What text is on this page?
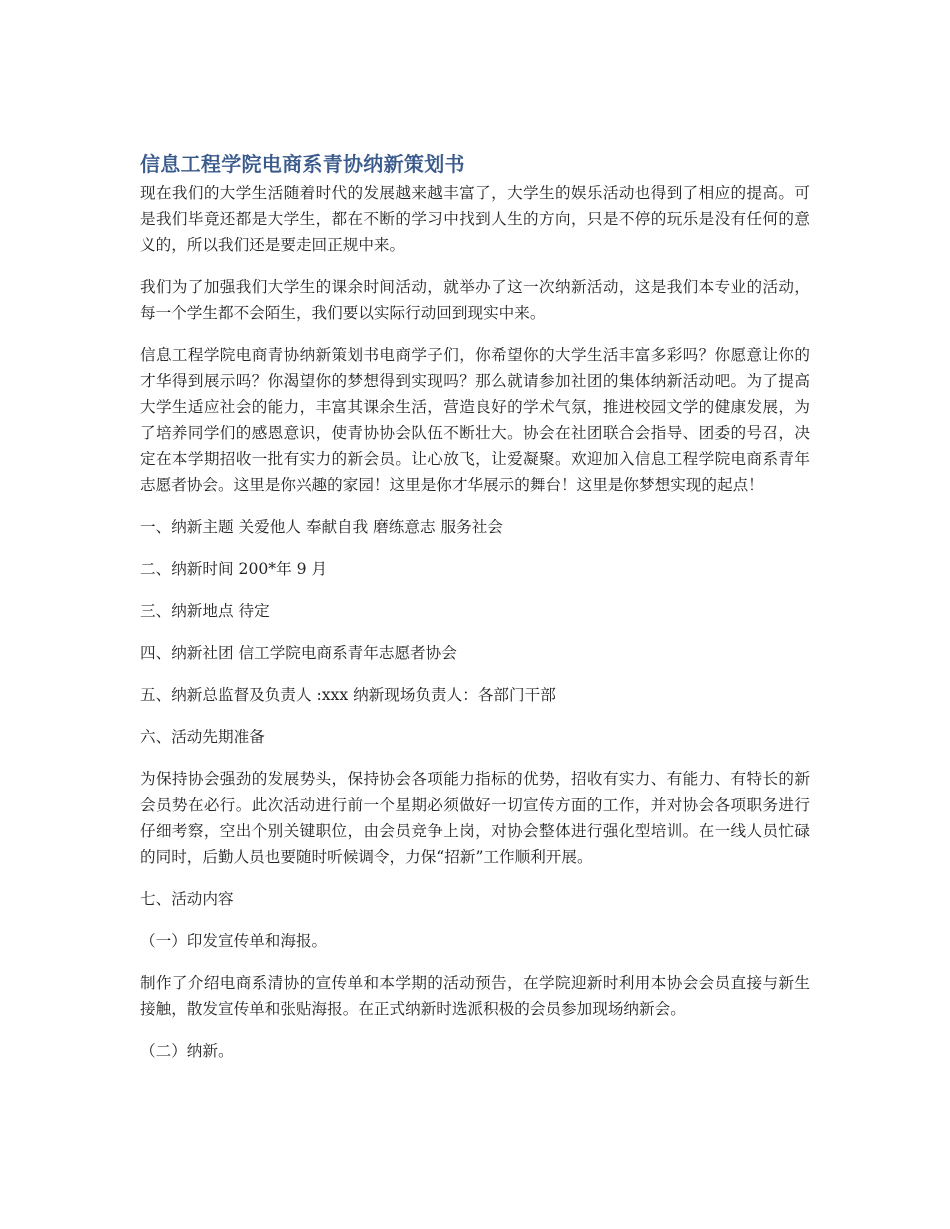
信息工程学院电商系青协纳新策划书

现在我们的大学生活随着时代的发展越来越丰富了，大学生的娱乐活动也得到了相应的提高。可是我们毕竟还都是大学生，都在不断的学习中找到人生的方向，只是不停的玩乐是没有任何的意义的，所以我们还是要走回正规中来。

我们为了加强我们大学生的课余时间活动，就举办了这一次纳新活动，这是我们本专业的活动，每一个学生都不会陌生，我们要以实际行动回到现实中来。

信息工程学院电商青协纳新策划书电商学子们，你希望你的大学生活丰富多彩吗？你愿意让你的才华得到展示吗？你渴望你的梦想得到实现吗？那么就请参加社团的集体纳新活动吧。为了提高大学生适应社会的能力，丰富其课余生活，营造良好的学术气氛，推进校园文学的健康发展，为了培养同学们的感恩意识，使青协协会队伍不断壮大。协会在社团联合会指导、团委的号召，决定在本学期招收一批有实力的新会员。让心放飞，让爱凝聚。欢迎加入信息工程学院电商系青年志愿者协会。这里是你兴趣的家园！这里是你才华展示的舞台！这里是你梦想实现的起点！

一、纳新主题 关爱他人 奉献自我 磨练意志 服务社会

二、纳新时间 200*年 9 月

三、纳新地点 待定

四、纳新社团 信工学院电商系青年志愿者协会

五、纳新总监督及负责人 :xxx 纳新现场负责人：各部门干部

六、活动先期准备

为保持协会强劲的发展势头，保持协会各项能力指标的优势，招收有实力、有能力、有特长的新会员势在必行。此次活动进行前一个星期必须做好一切宣传方面的工作，并对协会各项职务进行仔细考察，空出个别关键职位，由会员竞争上岗，对协会整体进行强化型培训。在一线人员忙碌的同时，后勤人员也要随时听候调令，力保“招新”工作顺利开展。

七、活动内容

（一）印发宣传单和海报。

制作了介绍电商系清协的宣传单和本学期的活动预告，在学院迎新时利用本协会会员直接与新生接触，散发宣传单和张贴海报。在正式纳新时选派积极的会员参加现场纳新会。

（二）纳新。
